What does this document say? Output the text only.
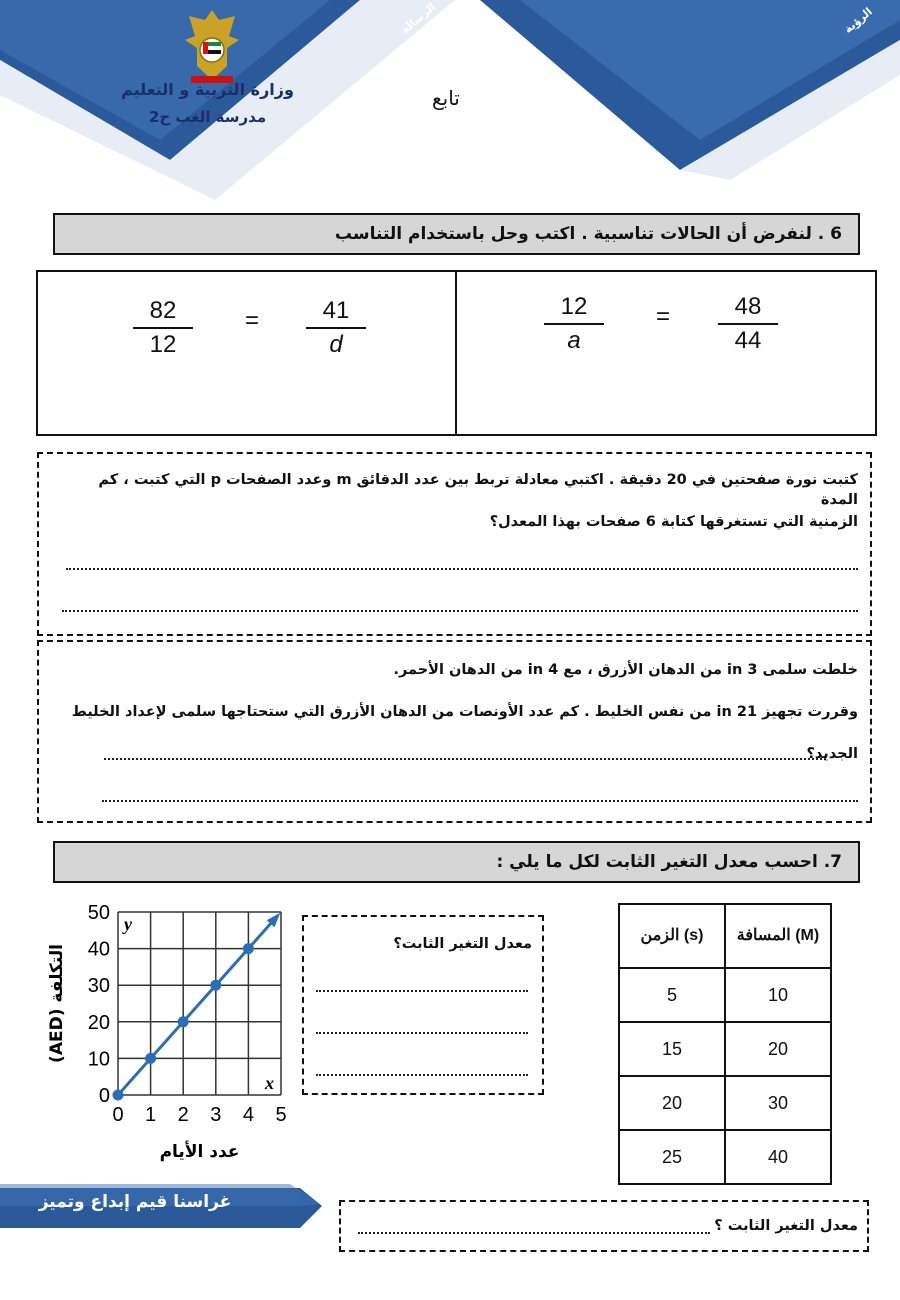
الرسالة	الرؤية
وزارة التربية و التعليم
مدرسة الغب ح2
تابع
6 . لنفرض أن الحالات تناسبية . اكتب وحل باستخدام التناسب
$\frac{82}{12} = \frac{41}{d}$	$\frac{12}{a} = \frac{48}{44}$
كتبت نورة صفحتين في 20 دقيقة . اكتبي معادلة تربط بين عدد الدقائق m وعدد الصفحات p التي كتبت ، كم المدة
الزمنية التي تستغرقها كتابة 6 صفحات بهذا المعدل؟
خلطت سلمى 3 in من الدهان الأزرق ، مع 4 in من الدهان الأحمر.
وقررت تجهيز in 21 من نفس الخليط . كم عدد الأونصات من الدهان الأزرق التي ستحتاجها سلمى لإعداد الخليط
الجديد؟
7. احسب معدل التغير الثابت لكل ما يلي :
الزمن (s)	المسافة (M)
5	10
15	20
20	30
25	40
معدل التغير الثابت؟
0 1 2 3 4 5
0
10
20
30
40
50
x
y
عدد الأيام
التكلفة (AED)
معدل التغير الثابت ؟
غراسنا قيم إبداع وتميز
